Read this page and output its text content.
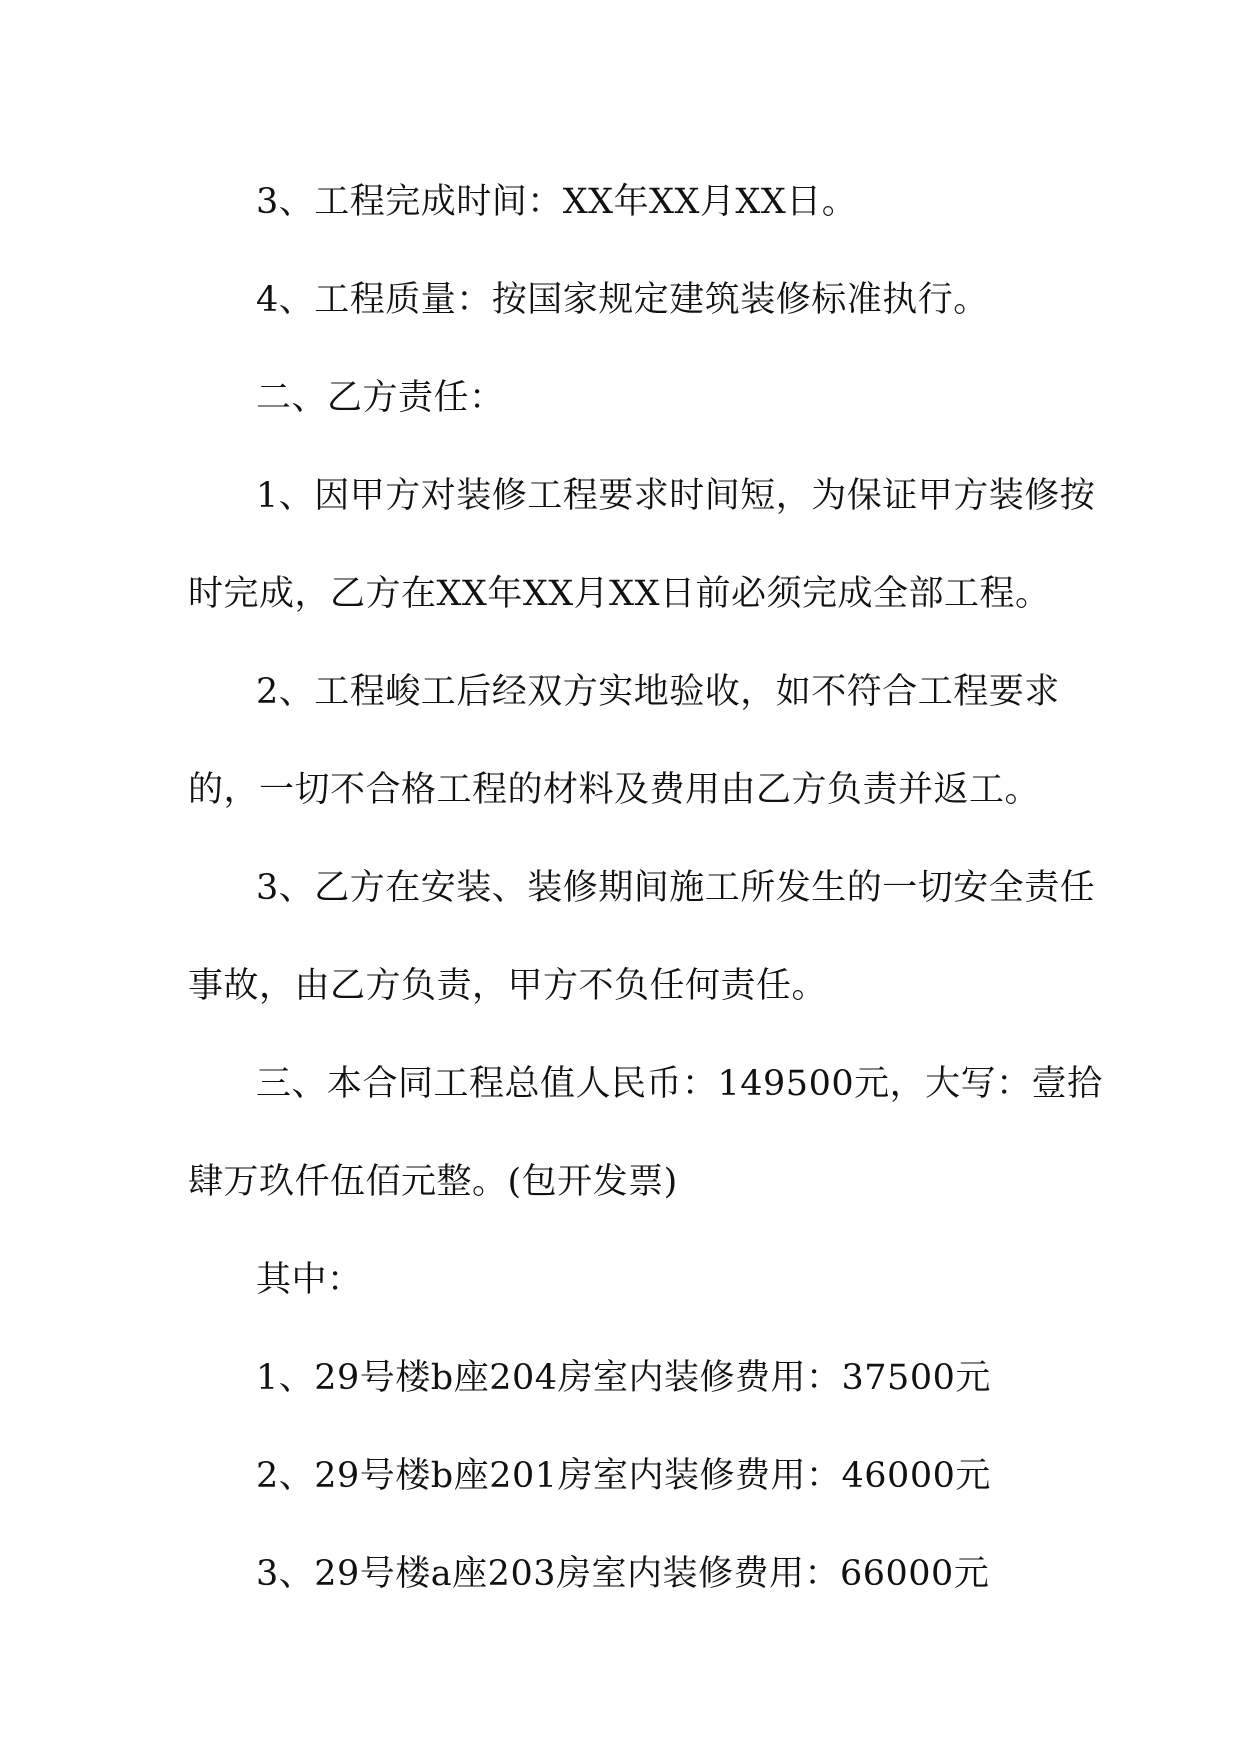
3、工程完成时间：XX年XX月XX日。
4、工程质量：按国家规定建筑装修标准执行。
二、乙方责任：
1、因甲方对装修工程要求时间短，为保证甲方装修按
时完成，乙方在XX年XX月XX日前必须完成全部工程。
2、工程峻工后经双方实地验收，如不符合工程要求
的，一切不合格工程的材料及费用由乙方负责并返工。
3、乙方在安装、装修期间施工所发生的一切安全责任
事故，由乙方负责，甲方不负任何责任。
三、本合同工程总值人民币：149500元，大写：壹拾
肆万玖仟伍佰元整。(包开发票)
其中：
1、29号楼b座204房室内装修费用：37500元
2、29号楼b座201房室内装修费用：46000元
3、29号楼a座203房室内装修费用：66000元
